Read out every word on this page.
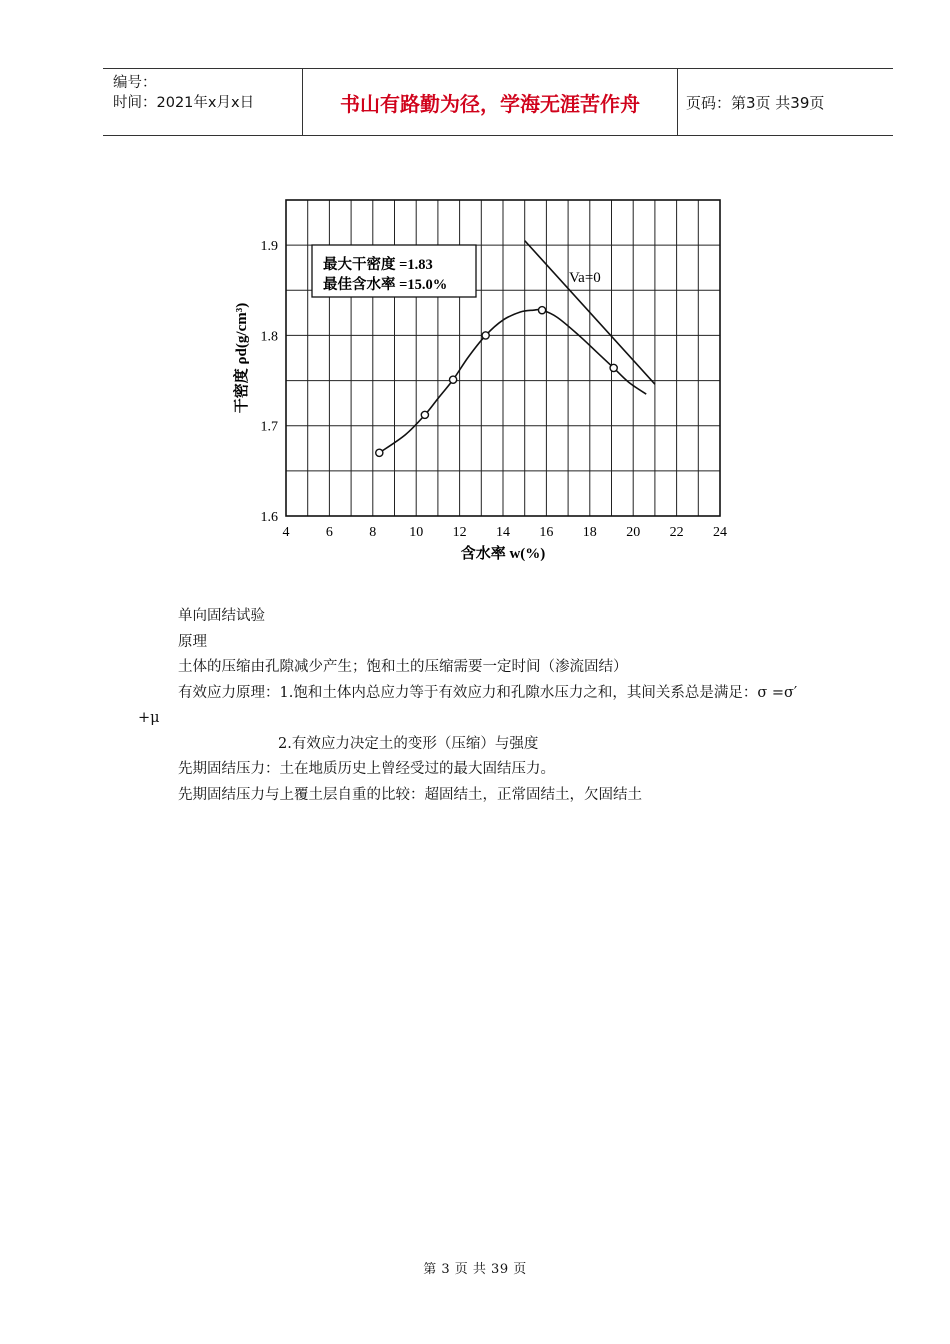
编号：
时间：2021年x月x日	书山有路勤为径，学海无涯苦作舟	页码：第3页 共39页
4	6	8 10 12 14 16 18 20 22 24
1.6
1.7
1.8
1.9
含水率 w(%)
干密度 ρd(g/cm³)
最大干密度 =1.83
最佳含水率 =15.0%	Va=0

单向固结试验

原理

土体的压缩由孔隙减少产生；饱和土的压缩需要一定时间（渗流固结）

有效应力原理：1.饱和土体内总应力等于有效应力和孔隙水压力之和，其间关系总是满足：σ =σ′

+μ

2.有效应力决定土的变形（压缩）与强度

先期固结压力：土在地质历史上曾经受过的最大固结压力。

先期固结压力与上覆土层自重的比较：超固结土，正常固结土，欠固结土

第 3 页 共 39 页
